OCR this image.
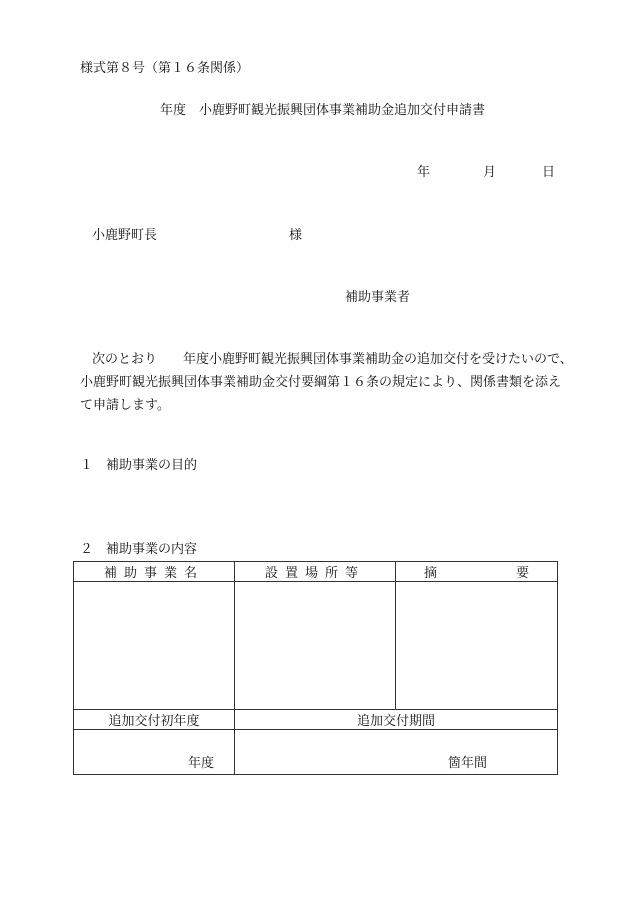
様式第８号（第１６条関係）
年度　小鹿野町観光振興団体事業補助金追加交付申請書
年	月	日
小鹿野町長	様
補助事業者
次のとおり　　年度小鹿野町観光振興団体事業補助金の追加交付を受けたいので、
小鹿野町観光振興団体事業補助金交付要綱第１６条の規定により、関係書類を添え
て申請します。
１　補助事業の目的
２　補助事業の内容
補助事業名	設置場所等	摘 要

追加交付初年度	追加交付期間	
年度	箇年間	
